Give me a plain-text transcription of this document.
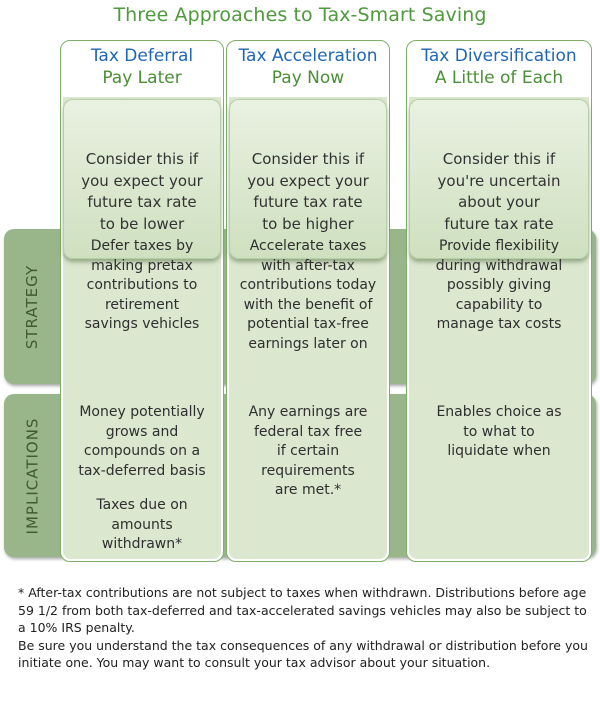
Three Approaches to Tax-Smart Saving
STRATEGY
IMPLICATIONS
Tax Deferral
Pay Later
Consider this if
you expect your
future tax rate
to be lower
Defer taxes by
making pretax
contributions to
retirement
savings vehicles
Money potentially
grows and
compounds on a
tax-deferred basis
Taxes due on
amounts
withdrawn*
Tax Acceleration
Pay Now
Consider this if
you expect your
future tax rate
to be higher
Accelerate taxes
with after-tax
contributions today
with the benefit of
potential tax-free
earnings later on
Any earnings are
federal tax free
if certain
requirements
are met.*
Tax Diversification
A Little of Each
Consider this if
you're uncertain
about your
future tax rate
Provide flexibility
during withdrawal
possibly giving
capability to
manage tax costs
Enables choice as
to what to
liquidate when

* After-tax contributions are not subject to taxes when withdrawn. Distributions before age 59 1/2 from both tax-deferred and tax-accelerated savings vehicles may also be subject to a 10% IRS penalty.

Be sure you understand the tax consequences of any withdrawal or distribution before you initiate one. You may want to consult your tax advisor about your situation.
